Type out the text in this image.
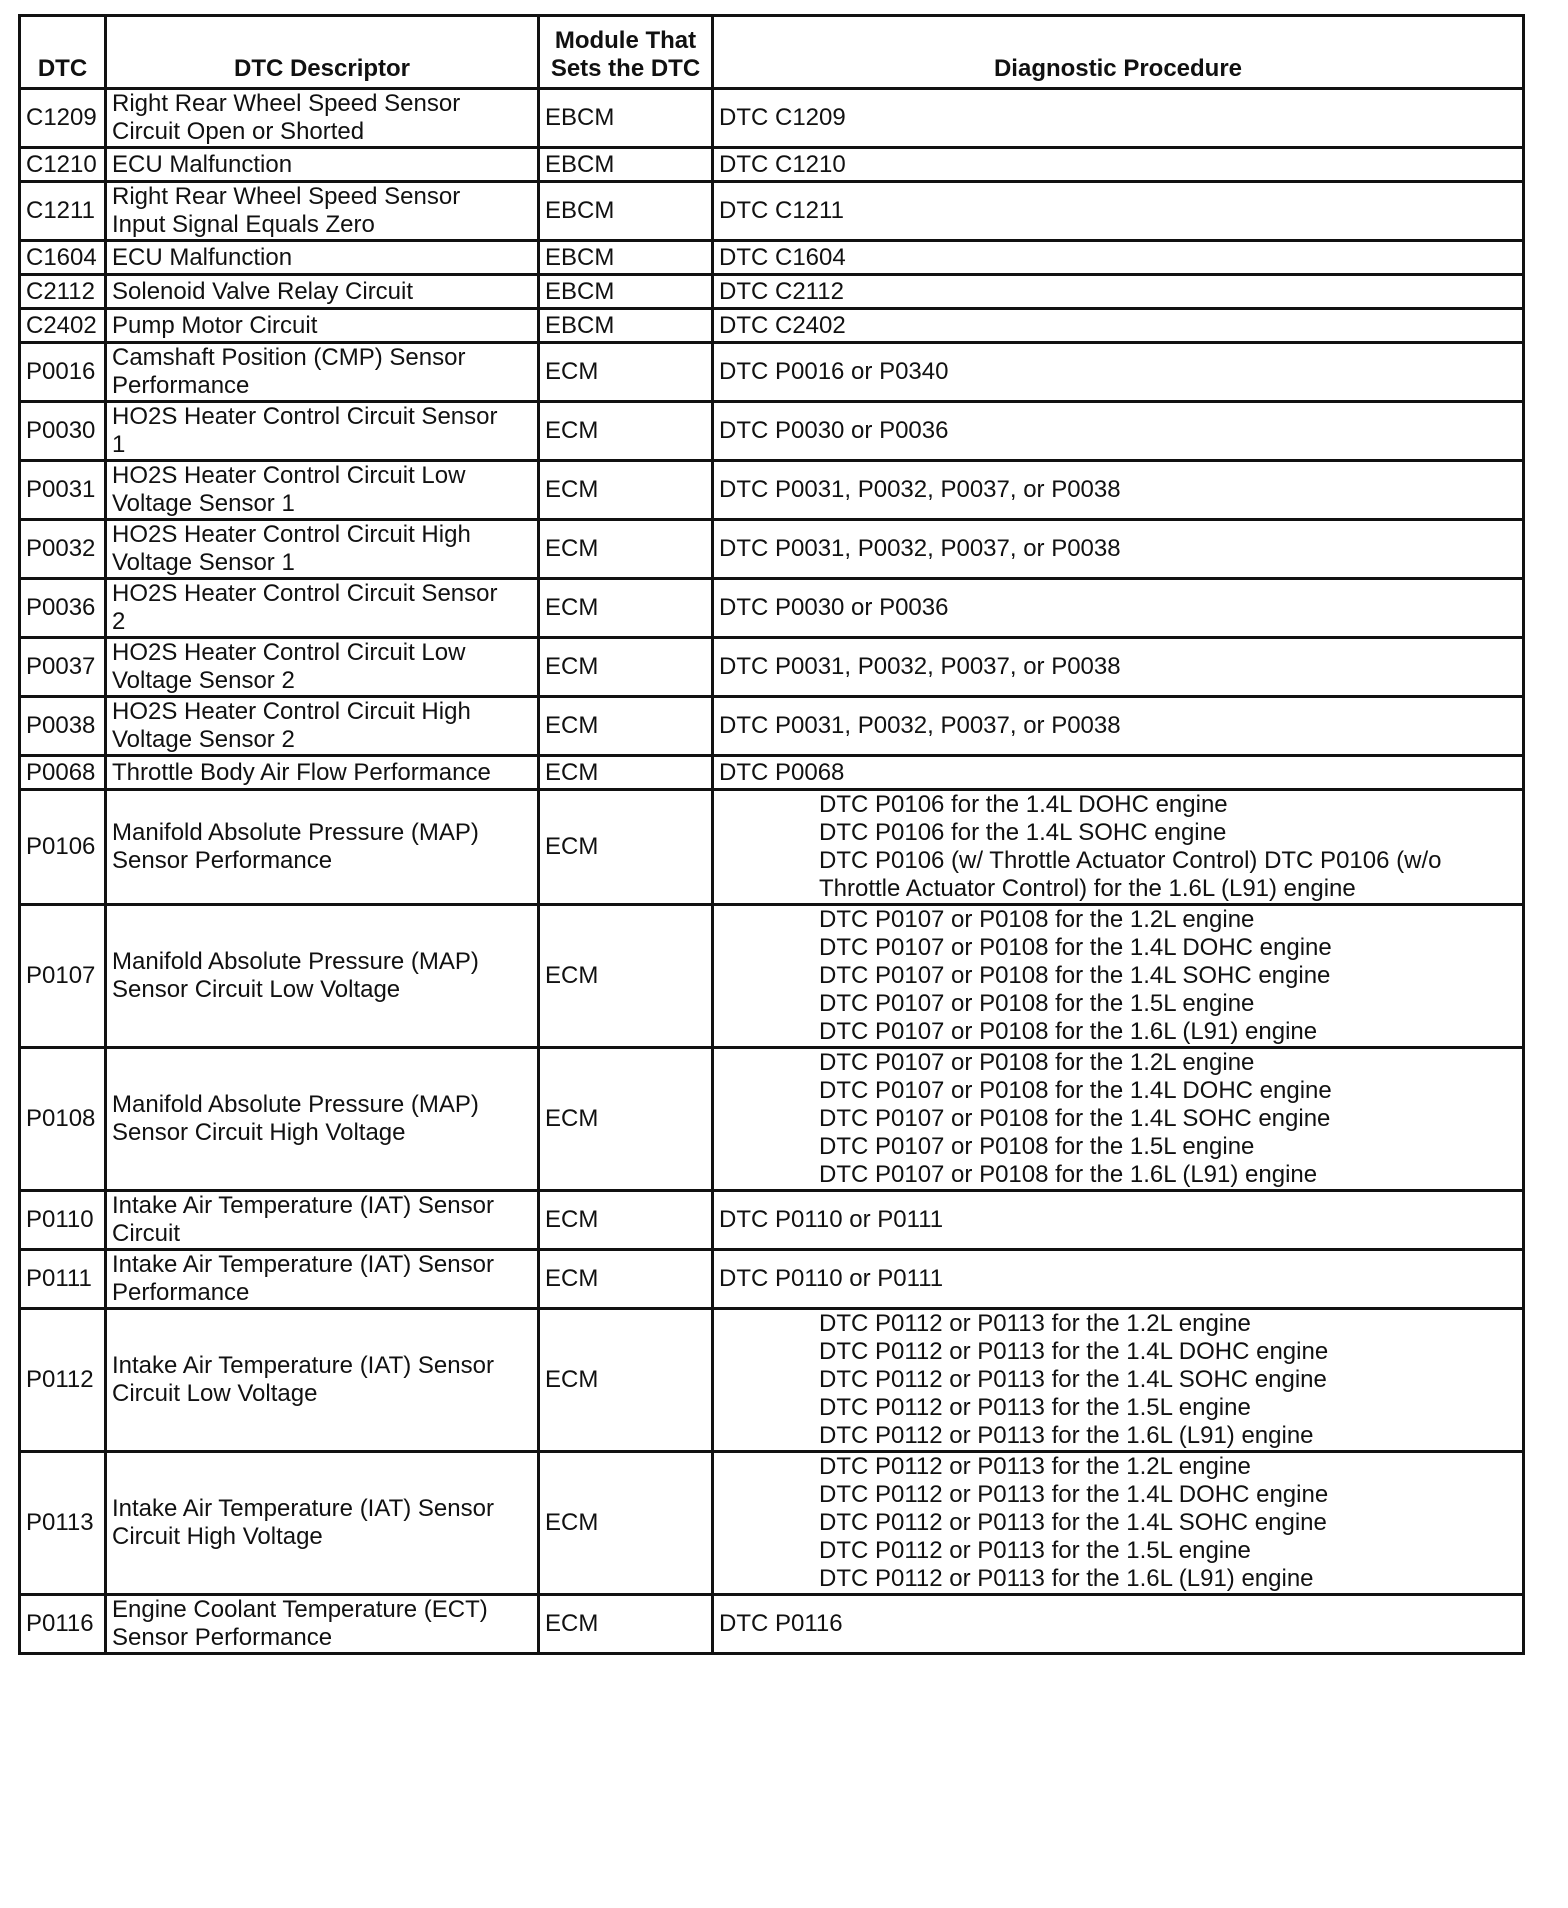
DTC	DTC Descriptor	Module That
Sets the DTC	Diagnostic Procedure
C1209	Right Rear Wheel Speed Sensor
Circuit Open or Shorted	EBCM	DTC C1209

C1210	ECU Malfunction	EBCM	DTC C1210

C1211	Right Rear Wheel Speed Sensor
Input Signal Equals Zero	EBCM	DTC C1211

C1604	ECU Malfunction	EBCM	DTC C1604

C2112	Solenoid Valve Relay Circuit	EBCM	DTC C2112

C2402	Pump Motor Circuit	EBCM	DTC C2402

P0016	Camshaft Position (CMP) Sensor
Performance	ECM	DTC P0016 or P0340

P0030	HO2S Heater Control Circuit Sensor
1	ECM	DTC P0030 or P0036

P0031	HO2S Heater Control Circuit Low
Voltage Sensor 1	ECM	DTC P0031, P0032, P0037, or P0038

P0032	HO2S Heater Control Circuit High
Voltage Sensor 1	ECM	DTC P0031, P0032, P0037, or P0038

P0036	HO2S Heater Control Circuit Sensor
2	ECM	DTC P0030 or P0036

P0037	HO2S Heater Control Circuit Low
Voltage Sensor 2	ECM	DTC P0031, P0032, P0037, or P0038

P0038	HO2S Heater Control Circuit High
Voltage Sensor 2	ECM	DTC P0031, P0032, P0037, or P0038

P0068	Throttle Body Air Flow Performance	ECM	DTC P0068

P0106	Manifold Absolute Pressure (MAP)
Sensor Performance	ECM	DTC P0106 for the 1.4L DOHC engine
DTC P0106 for the 1.4L SOHC engine
DTC P0106 (w/ Throttle Actuator Control) DTC P0106 (w/o
Throttle Actuator Control) for the 1.6L (L91) engine

P0107	Manifold Absolute Pressure (MAP)
Sensor Circuit Low Voltage	ECM	DTC P0107 or P0108 for the 1.2L engine
DTC P0107 or P0108 for the 1.4L DOHC engine
DTC P0107 or P0108 for the 1.4L SOHC engine
DTC P0107 or P0108 for the 1.5L engine
DTC P0107 or P0108 for the 1.6L (L91) engine

P0108	Manifold Absolute Pressure (MAP)
Sensor Circuit High Voltage	ECM	DTC P0107 or P0108 for the 1.2L engine
DTC P0107 or P0108 for the 1.4L DOHC engine
DTC P0107 or P0108 for the 1.4L SOHC engine
DTC P0107 or P0108 for the 1.5L engine
DTC P0107 or P0108 for the 1.6L (L91) engine

P0110	Intake Air Temperature (IAT) Sensor
Circuit	ECM	DTC P0110 or P0111

P0111	Intake Air Temperature (IAT) Sensor
Performance	ECM	DTC P0110 or P0111

P0112	Intake Air Temperature (IAT) Sensor
Circuit Low Voltage	ECM	DTC P0112 or P0113 for the 1.2L engine
DTC P0112 or P0113 for the 1.4L DOHC engine
DTC P0112 or P0113 for the 1.4L SOHC engine
DTC P0112 or P0113 for the 1.5L engine
DTC P0112 or P0113 for the 1.6L (L91) engine

P0113	Intake Air Temperature (IAT) Sensor
Circuit High Voltage	ECM	DTC P0112 or P0113 for the 1.2L engine
DTC P0112 or P0113 for the 1.4L DOHC engine
DTC P0112 or P0113 for the 1.4L SOHC engine
DTC P0112 or P0113 for the 1.5L engine
DTC P0112 or P0113 for the 1.6L (L91) engine

P0116	Engine Coolant Temperature (ECT)
Sensor Performance	ECM	DTC P0116
